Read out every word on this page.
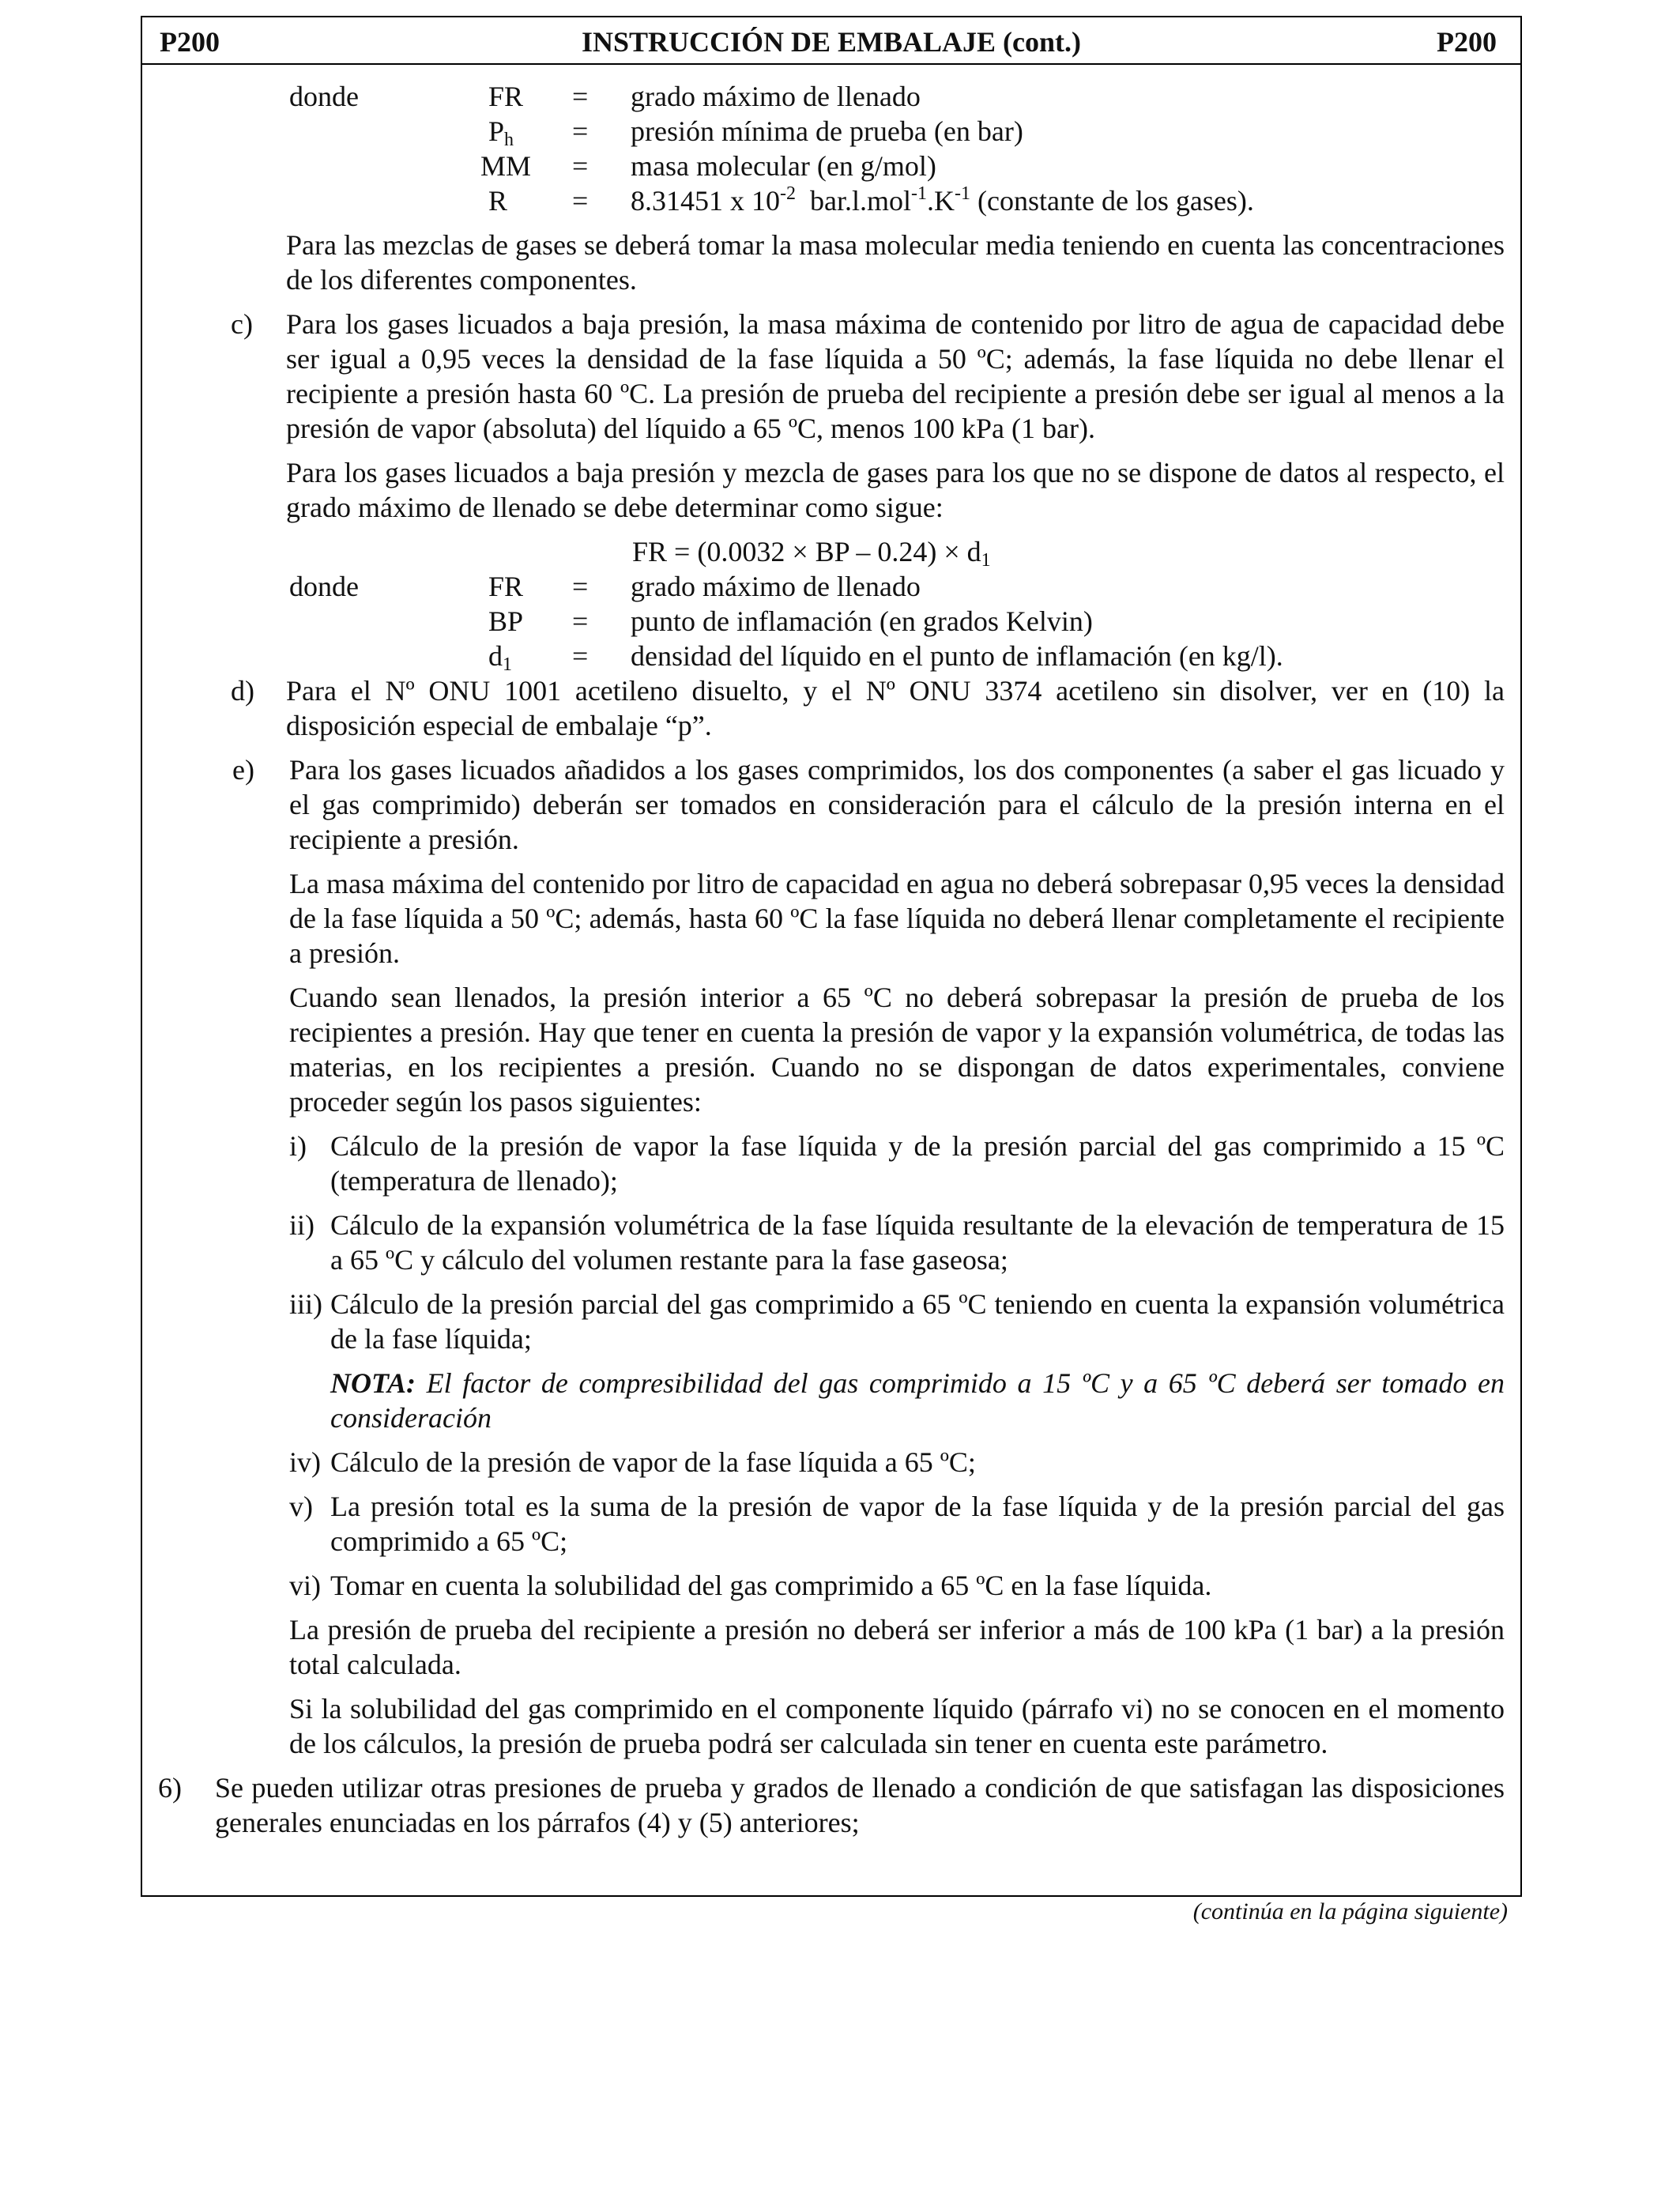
P200	INSTRUCCIÓN DE EMBALAJE (cont.)	P200
donde	FR = grado máximo de llenado
$P_h$ = presión mínima de prueba (en bar)
MM = masa molecular (en g/mol)
R = 8.31451 x $10^{-2}$  $bar.l.mol^{-1}.K^{-1}$ (constante de los gases).

Para las mezclas de gases se deberá tomar la masa molecular media teniendo en cuenta las concentraciones de los diferentes componentes.

c) Para los gases licuados a baja presión, la masa máxima de contenido por litro de agua de capacidad debe ser igual a 0,95 veces la densidad de la fase líquida a 50 ºC; además, la fase líquida no debe llenar el recipiente a presión hasta 60 ºC. La presión de prueba del recipiente a presión debe ser igual al menos a la presión de vapor (absoluta) del líquido a 65 ºC, menos 100 kPa (1 bar).

Para los gases licuados a baja presión y mezcla de gases para los que no se dispone de datos al respecto, el grado máximo de llenado se debe determinar como sigue:

FR = (0.0032 × BP – $0.24) \times d_1$
donde	FR = grado máximo de llenado
BP = punto de inflamación (en grados Kelvin)
$d_1$ = densidad del líquido en el punto de inflamación (en kg/l).
d) Para el Nº ONU 1001 acetileno disuelto, y el Nº ONU 3374 acetileno sin disolver, ver en (10) la disposición especial de embalaje “p”.
e) Para los gases licuados añadidos a los gases comprimidos, los dos componentes (a saber el gas licuado y el gas comprimido) deberán ser tomados en consideración para el cálculo de la presión interna en el recipiente a presión.

La masa máxima del contenido por litro de capacidad en agua no deberá sobrepasar 0,95 veces la densidad de la fase líquida a 50 ºC; además, hasta 60 ºC la fase líquida no deberá llenar completamente el recipiente a presión.

Cuando sean llenados, la presión interior a 65 ºC no deberá sobrepasar la presión de prueba de los recipientes a presión. Hay que tener en cuenta la presión de vapor y la expansión volumétrica, de todas las materias, en los recipientes a presión. Cuando no se dispongan de datos experimentales, conviene proceder según los pasos siguientes:

i) Cálculo de la presión de vapor la fase líquida y de la presión parcial del gas comprimido a 15 ºC (temperatura de llenado);
ii) Cálculo de la expansión volumétrica de la fase líquida resultante de la elevación de temperatura de 15 a 65 ºC y cálculo del volumen restante para la fase gaseosa;
iii) Cálculo de la presión parcial del gas comprimido a 65 ºC teniendo en cuenta la expansión volumétrica de la fase líquida;

NOTA: El factor de compresibilidad del gas comprimido a 15 ºC y a 65 ºC deberá ser tomado en consideración

iv) Cálculo de la presión de vapor de la fase líquida a 65 ºC;
v) La presión total es la suma de la presión de vapor de la fase líquida y de la presión parcial del gas comprimido a 65 ºC;
vi) Tomar en cuenta la solubilidad del gas comprimido a 65 ºC en la fase líquida.

La presión de prueba del recipiente a presión no deberá ser inferior a más de 100 kPa (1 bar) a la presión total calculada.

Si la solubilidad del gas comprimido en el componente líquido (párrafo vi) no se conocen en el momento de los cálculos, la presión de prueba podrá ser calculada sin tener en cuenta este parámetro.

6) Se pueden utilizar otras presiones de prueba y grados de llenado a condición de que satisfagan las disposiciones generales enunciadas en los párrafos (4) y (5) anteriores;
(continúa en la página siguiente)
